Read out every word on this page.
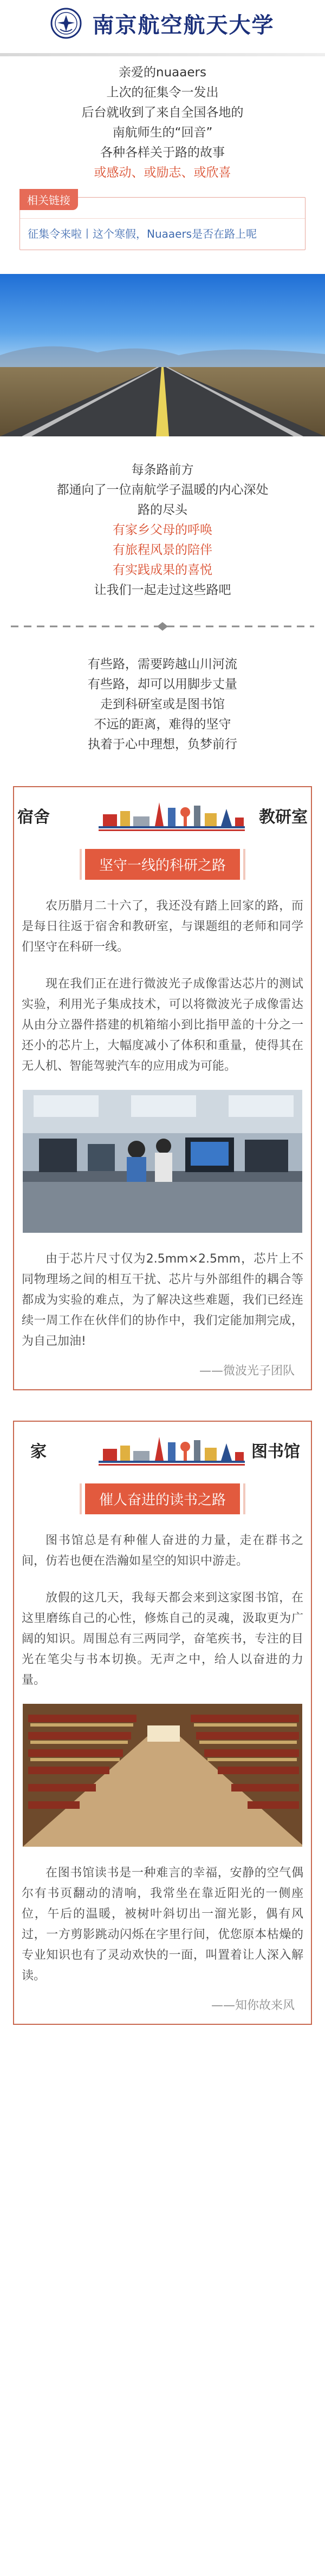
南京航空航天大学
亲爱的nuaaers
上次的征集令一发出
后台就收到了来自全国各地的
南航师生的“回音”
各种各样关于路的故事
或感动、或励志、或欣喜
相关链接
征集令来啦丨这个寒假，Nuaaers是否在路上呢
每条路前方
都通向了一位南航学子温暖的内心深处
路的尽头
有家乡父母的呼唤
有旅程风景的陪伴
有实践成果的喜悦
让我们一起走过这些路吧
有些路，需要跨越山川河流
有些路，却可以用脚步丈量
走到科研室或是图书馆
不远的距离，难得的坚守
执着于心中理想，负梦前行
宿舍	教研室
坚守一线的科研之路

农历腊月二十六了，我还没有踏上回家的路，而是每日往返于宿舍和教研室，与课题组的老师和同学们坚守在科研一线。

现在我们正在进行微波光子成像雷达芯片的测试实验，利用光子集成技术，可以将微波光子成像雷达从由分立器件搭建的机箱缩小到比指甲盖的十分之一还小的芯片上，大幅度减小了体积和重量，使得其在无人机、智能驾驶汽车的应用成为可能。

由于芯片尺寸仅为2.5mm×2.5mm，芯片上不同物理场之间的相互干扰、芯片与外部组件的耦合等都成为实验的难点，为了解决这些难题，我们已经连续一周工作在伙伴们的协作中，我们定能加荆完成，为自己加油!

——微波光子团队
家	图书馆
催人奋进的读书之路

图书馆总是有种催人奋进的力量，走在群书之间，仿若也便在浩瀚如星空的知识中游走。

放假的这几天，我每天都会来到这家图书馆，在这里磨练自己的心性，修炼自己的灵魂，汲取更为广阔的知识。周围总有三两同学，奋笔疾书，专注的目光在笔尖与书本切换。无声之中，给人以奋进的力量。

在图书馆读书是一种难言的幸福，安静的空气偶尔有书页翻动的清响，我常坐在靠近阳光的一侧座位，午后的温暖，被树叶斜切出一溜光影，偶有风过，一方剪影跳动闪烁在字里行间，优您原本枯燥的专业知识也有了灵动欢快的一面，叫置着让人深入解读。

——知你故来风
